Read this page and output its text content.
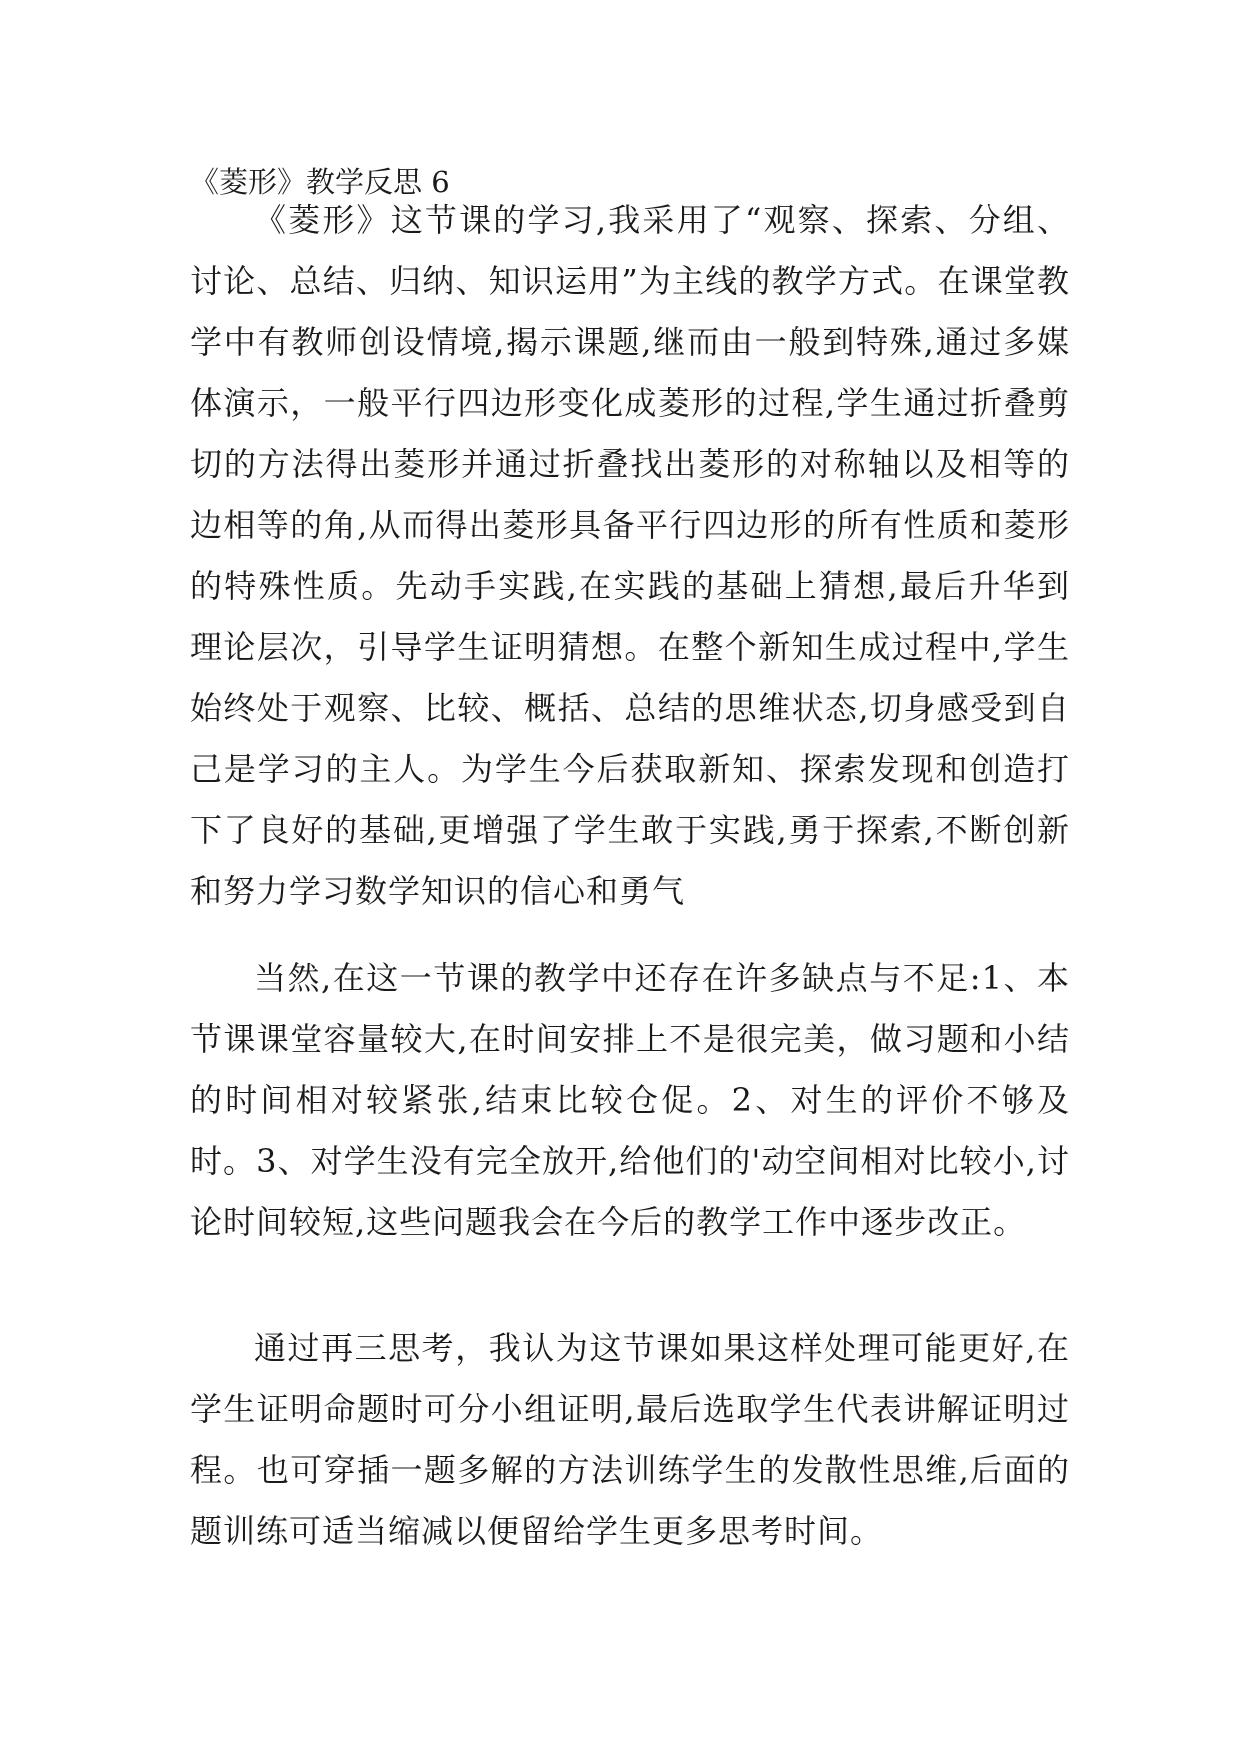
《菱形》教学反思 6

《菱形》这节课的学习,我采用了“观察、探索、分组、讨论、总结、归纳、知识运用”为主线的教学方式。在课堂教学中有教师创设情境,揭示课题,继而由一般到特殊,通过多媒体演示，一般平行四边形变化成菱形的过程,学生通过折叠剪切的方法得出菱形并通过折叠找出菱形的对称轴以及相等的边相等的角,从而得出菱形具备平行四边形的所有性质和菱形的特殊性质。先动手实践,在实践的基础上猜想,最后升华到理论层次，引导学生证明猜想。在整个新知生成过程中,学生始终处于观察、比较、概括、总结的思维状态,切身感受到自己是学习的主人。为学生今后获取新知、探索发现和创造打下了良好的基础,更增强了学生敢于实践,勇于探索,不断创新和努力学习数学知识的信心和勇气

当然,在这一节课的教学中还存在许多缺点与不足:1、本节课课堂容量较大,在时间安排上不是很完美，做习题和小结的时间相对较紧张,结束比较仓促。2、对生的评价不够及时。3、对学生没有完全放开,给他们的'动空间相对比较小,讨论时间较短,这些问题我会在今后的教学工作中逐步改正。

通过再三思考，我认为这节课如果这样处理可能更好,在学生证明命题时可分小组证明,最后选取学生代表讲解证明过程。也可穿插一题多解的方法训练学生的发散性思维,后面的题训练可适当缩减以便留给学生更多思考时间。
